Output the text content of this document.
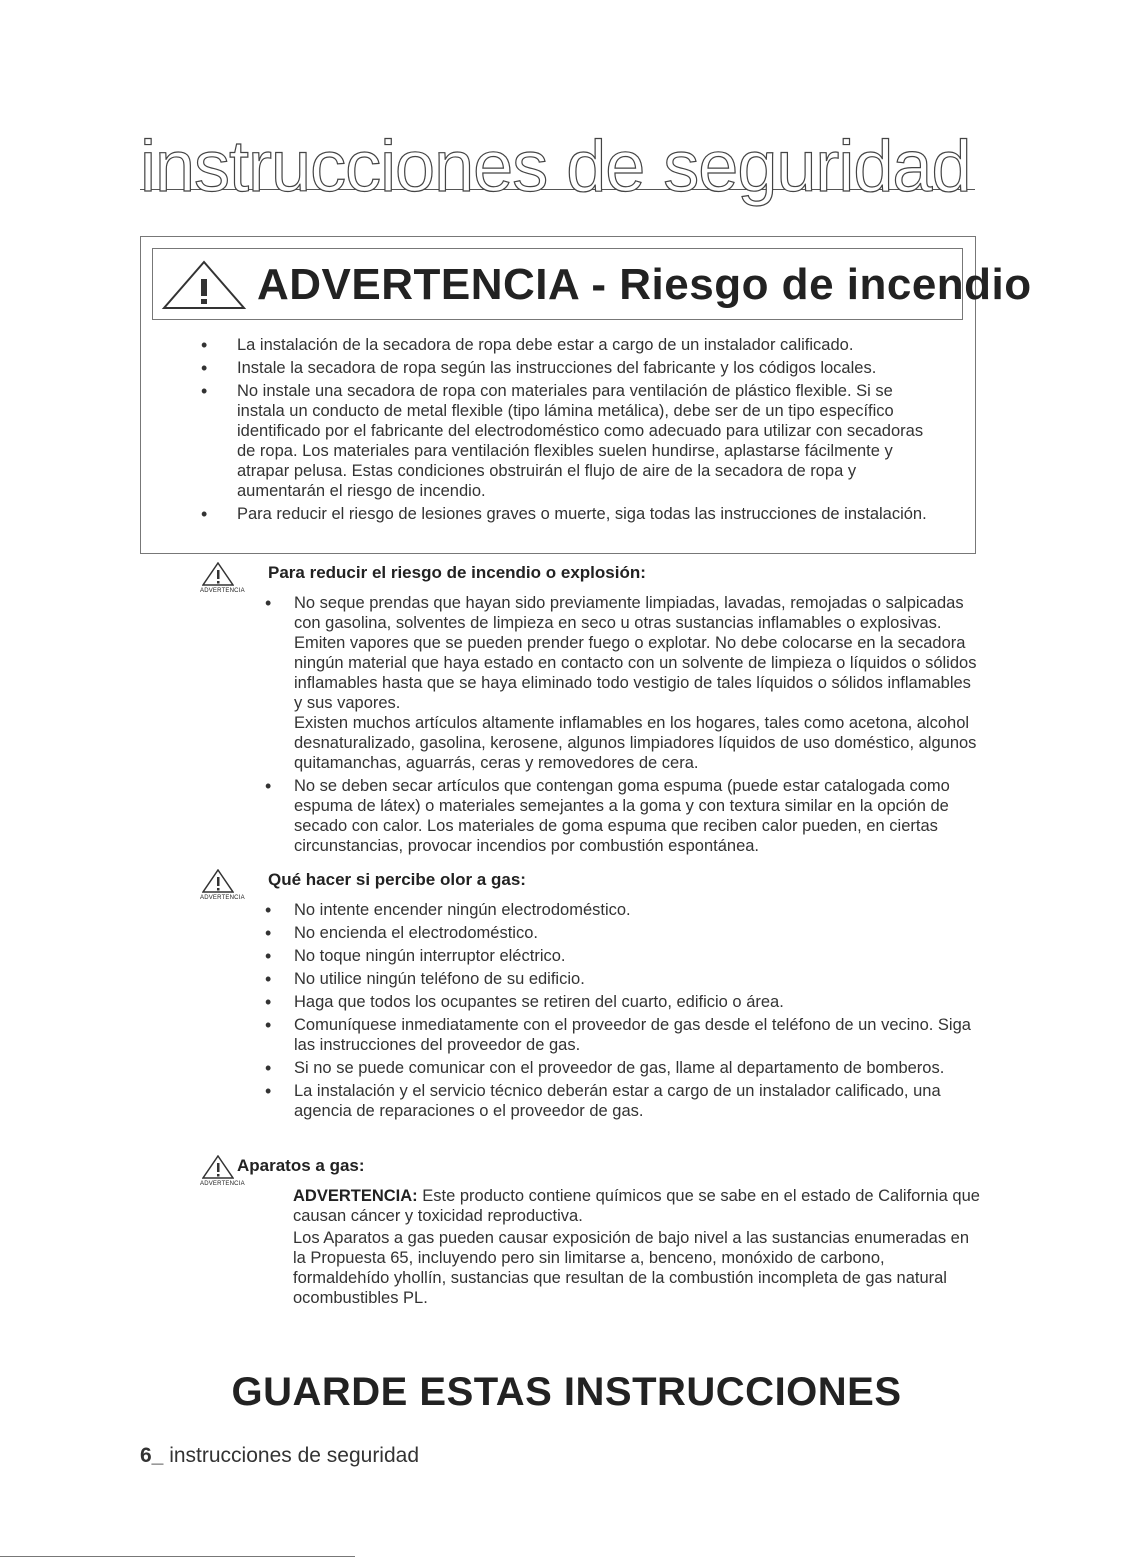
instrucciones de seguridad
ADVERTENCIA - Riesgo de incendio
• La instalación de la secadora de ropa debe estar a cargo de un instalador calificado.
• Instale la secadora de ropa según las instrucciones del fabricante y los códigos locales.
• No instale una secadora de ropa con materiales para ventilación de plástico flexible. Si se instala un conducto de metal flexible (tipo lámina metálica), debe ser de un tipo específico identificado por el fabricante del electrodoméstico como adecuado para utilizar con secadoras de ropa. Los materiales para ventilación flexibles suelen hundirse, aplastarse fácilmente y atrapar pelusa. Estas condiciones obstruirán el flujo de aire de la secadora de ropa y aumentarán el riesgo de incendio.
• Para reducir el riesgo de lesiones graves o muerte, siga todas las instrucciones de instalación.
ADVERTENCIA
Para reducir el riesgo de incendio o explosión:
• No seque prendas que hayan sido previamente limpiadas, lavadas, remojadas o salpicadas con gasolina, solventes de limpieza en seco u otras sustancias inflamables o explosivas. Emiten vapores que se pueden prender fuego o explotar. No debe colocarse en la secadora ningún material que haya estado en contacto con un solvente de limpieza o líquidos o sólidos inflamables hasta que se haya eliminado todo vestigio de tales líquidos o sólidos inflamables y sus vapores.
Existen muchos artículos altamente inflamables en los hogares, tales como acetona, alcohol desnaturalizado, gasolina, kerosene, algunos limpiadores líquidos de uso doméstico, algunos quitamanchas, aguarrás, ceras y removedores de cera.
• No se deben secar artículos que contengan goma espuma (puede estar catalogada como espuma de látex) o materiales semejantes a la goma y con textura similar en la opción de secado con calor. Los materiales de goma espuma que reciben calor pueden, en ciertas circunstancias, provocar incendios por combustión espontánea.
ADVERTENCIA
Qué hacer si percibe olor a gas:
• No intente encender ningún electrodoméstico.
• No encienda el electrodoméstico.
• No toque ningún interruptor eléctrico.
• No utilice ningún teléfono de su edificio.
• Haga que todos los ocupantes se retiren del cuarto, edificio o área.
• Comuníquese inmediatamente con el proveedor de gas desde el teléfono de un vecino. Siga las instrucciones del proveedor de gas.
• Si no se puede comunicar con el proveedor de gas, llame al departamento de bomberos.
• La instalación y el servicio técnico deberán estar a cargo de un instalador calificado, una agencia de reparaciones o el proveedor de gas.
ADVERTENCIA
Aparatos a gas:

ADVERTENCIA: Este producto contiene químicos que se sabe en el estado de California que causan cáncer y toxicidad reproductiva.

Los Aparatos a gas pueden causar exposición de bajo nivel a las sustancias enumeradas en la Propuesta 65, incluyendo pero sin limitarse a, benceno, monóxido de carbono, formaldehído yhollín, sustancias que resultan de la combustión incompleta de gas natural ocombustibles PL.

GUARDE ESTAS INSTRUCCIONES
6_ instrucciones de seguridad
